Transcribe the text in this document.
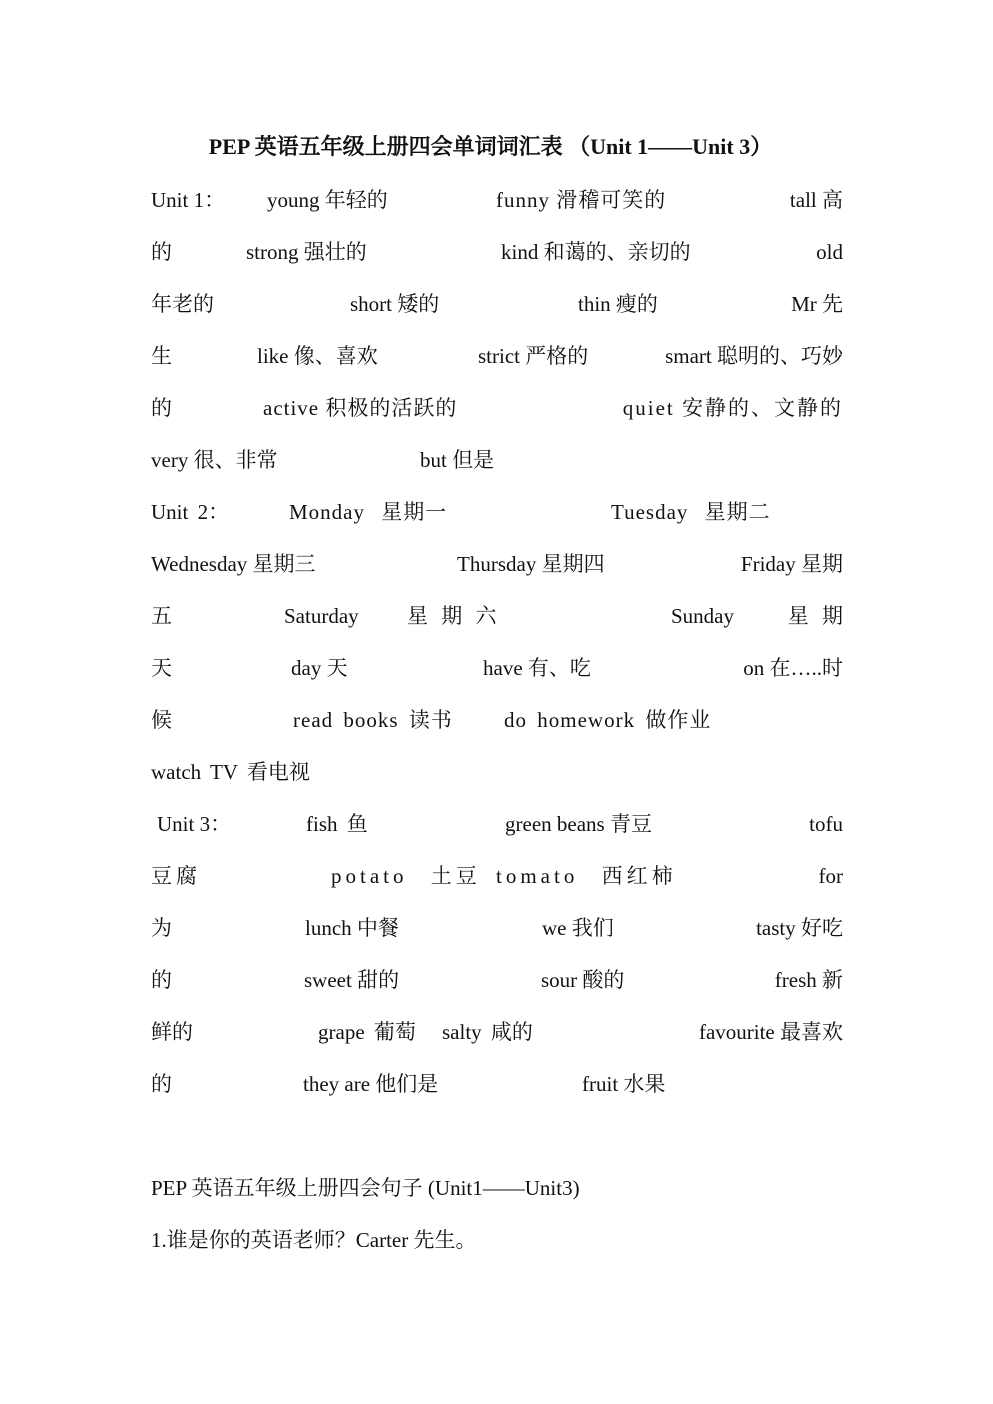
PEP 英语五年级上册四会单词词汇表 （Unit 1——Unit 3）
Unit 1： young 年轻的	funny 滑稽可笑的	tall 高
的	strong 强壮的	kind 和蔼的、亲切的	old
年老的	short 矮的	thin 瘦的	Mr 先
生	like 像、喜欢	strict 严格的	smart 聪明的、巧妙
的	active 积极的活跃的	quiet 安静的、文静的
very 很、非常	but 但是
Unit 2：	Monday 星期一	Tuesday 星期二
Wednesday 星期三	Thursday 星期四	Friday 星期
五	Saturday 星 期 六	Sunday	星 期
天	day 天	have 有、吃	on 在…..时
候	read books 读书 do homework 做作业
watch TV 看电视
Unit 3：	fish 鱼	green beans 青豆	tofu
豆腐	potato 土豆 tomato 西红柿	for
为	lunch 中餐	we 我们	tasty 好吃
的	sweet 甜的	sour 酸的	fresh 新
鲜的	grape 葡萄 salty 咸的	favourite 最喜欢
的	they are 他们是	fruit 水果
PEP 英语五年级上册四会句子 (Unit1——Unit3)
1.谁是你的英语老师？Carter 先生。
